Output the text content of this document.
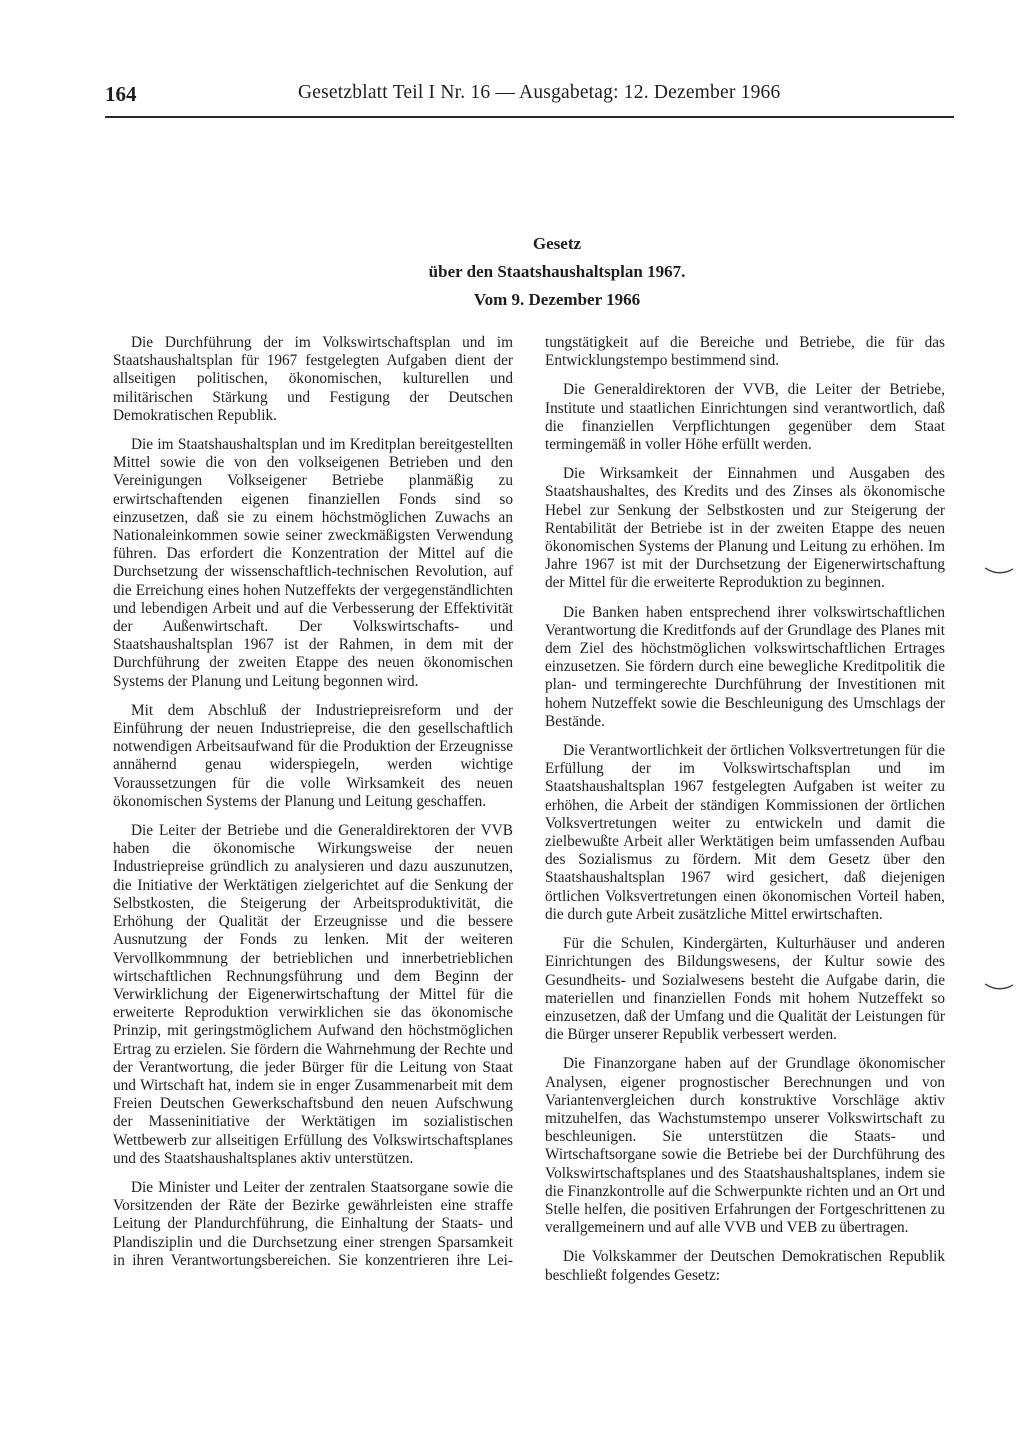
164	Gesetzblatt Teil I Nr. 16 — Ausgabetag: 12. Dezember 1966
Gesetz
über den Staatshaushaltsplan 1967.
Vom 9. Dezember 1966

Die Durchführung der im Volkswirtschaftsplan und im Staatshaushaltsplan für 1967 festgelegten Aufgaben dient der allseitigen politischen, ökonomischen, kulturellen und militärischen Stärkung und Festigung der Deutschen Demokratischen Republik.

Die im Staatshaushaltsplan und im Kreditplan bereitgestellten Mittel sowie die von den volkseigenen Betrieben und den Vereinigungen Volkseigener Betriebe planmäßig zu erwirtschaftenden eigenen finanziellen Fonds sind so einzusetzen, daß sie zu einem höchstmöglichen Zuwachs an Nationaleinkommen sowie seiner zweckmäßigsten Verwendung führen. Das erfordert die Konzentration der Mittel auf die Durchsetzung der wissenschaftlich-technischen Revolution, auf die Erreichung eines hohen Nutzeffekts der vergegenständlichten und lebendigen Arbeit und auf die Verbesserung der Effektivität der Außenwirtschaft. Der Volkswirtschafts- und Staatshaushaltsplan 1967 ist der Rahmen, in dem mit der Durchführung der zweiten Etappe des neuen ökonomischen Systems der Planung und Leitung begonnen wird.

Mit dem Abschluß der Industriepreisreform und der Einführung der neuen Industriepreise, die den gesellschaftlich notwendigen Arbeitsaufwand für die Produktion der Erzeugnisse annähernd genau widerspiegeln, werden wichtige Voraussetzungen für die volle Wirksamkeit des neuen ökonomischen Systems der Planung und Leitung geschaffen.

Die Leiter der Betriebe und die Generaldirektoren der VVB haben die ökonomische Wirkungsweise der neuen Industriepreise gründlich zu analysieren und dazu auszunutzen, die Initiative der Werktätigen zielgerichtet auf die Senkung der Selbstkosten, die Steigerung der Arbeitsproduktivität, die Erhöhung der Qualität der Erzeugnisse und die bessere Ausnutzung der Fonds zu lenken. Mit der weiteren Vervollkommnung der betrieblichen und innerbetrieblichen wirtschaftlichen Rechnungsführung und dem Beginn der Verwirklichung der Eigenerwirtschaftung der Mittel für die erweiterte Reproduktion verwirklichen sie das ökonomische Prinzip, mit geringstmöglichem Aufwand den höchstmöglichen Ertrag zu erzielen. Sie fördern die Wahrnehmung der Rechte und der Verantwortung, die jeder Bürger für die Leitung von Staat und Wirtschaft hat, indem sie in enger Zusammenarbeit mit dem Freien Deutschen Gewerkschaftsbund den neuen Aufschwung der Masseninitiative der Werktätigen im sozialistischen Wettbewerb zur allseitigen Erfüllung des Volkswirtschaftsplanes und des Staatshaushaltsplanes aktiv unterstützen.

Die Minister und Leiter der zentralen Staatsorgane sowie die Vorsitzenden der Räte der Bezirke gewährleisten eine straffe Leitung der Plandurchführung, die Einhaltung der Staats- und Plandisziplin und die Durchsetzung einer strengen Sparsamkeit in ihren Verantwortungsbereichen. Sie konzentrieren ihre Lei-

tungstätigkeit auf die Bereiche und Betriebe, die für das Entwicklungstempo bestimmend sind.

Die Generaldirektoren der VVB, die Leiter der Betriebe, Institute und staatlichen Einrichtungen sind verantwortlich, daß die finanziellen Verpflichtungen gegenüber dem Staat termingemäß in voller Höhe erfüllt werden.

Die Wirksamkeit der Einnahmen und Ausgaben des Staatshaushaltes, des Kredits und des Zinses als ökonomische Hebel zur Senkung der Selbstkosten und zur Steigerung der Rentabilität der Betriebe ist in der zweiten Etappe des neuen ökonomischen Systems der Planung und Leitung zu erhöhen. Im Jahre 1967 ist mit der Durchsetzung der Eigenerwirtschaftung der Mittel für die erweiterte Reproduktion zu beginnen.

Die Banken haben entsprechend ihrer volkswirtschaftlichen Verantwortung die Kreditfonds auf der Grundlage des Planes mit dem Ziel des höchstmöglichen volkswirtschaftlichen Ertrages einzusetzen. Sie fördern durch eine bewegliche Kreditpolitik die plan- und termingerechte Durchführung der Investitionen mit hohem Nutzeffekt sowie die Beschleunigung des Umschlags der Bestände.

Die Verantwortlichkeit der örtlichen Volksvertretungen für die Erfüllung der im Volkswirtschaftsplan und im Staatshaushaltsplan 1967 festgelegten Aufgaben ist weiter zu erhöhen, die Arbeit der ständigen Kommissionen der örtlichen Volksvertretungen weiter zu entwickeln und damit die zielbewußte Arbeit aller Werktätigen beim umfassenden Aufbau des Sozialismus zu fördern. Mit dem Gesetz über den Staatshaushaltsplan 1967 wird gesichert, daß diejenigen örtlichen Volksvertretungen einen ökonomischen Vorteil haben, die durch gute Arbeit zusätzliche Mittel erwirtschaften.

Für die Schulen, Kindergärten, Kulturhäuser und anderen Einrichtungen des Bildungswesens, der Kultur sowie des Gesundheits- und Sozialwesens besteht die Aufgabe darin, die materiellen und finanziellen Fonds mit hohem Nutzeffekt so einzusetzen, daß der Umfang und die Qualität der Leistungen für die Bürger unserer Republik verbessert werden.

Die Finanzorgane haben auf der Grundlage ökonomischer Analysen, eigener prognostischer Berechnungen und von Variantenvergleichen durch konstruktive Vorschläge aktiv mitzuhelfen, das Wachstumstempo unserer Volkswirtschaft zu beschleunigen. Sie unterstützen die Staats- und Wirtschaftsorgane sowie die Betriebe bei der Durchführung des Volkswirtschaftsplanes und des Staatshaushaltsplanes, indem sie die Finanzkontrolle auf die Schwerpunkte richten und an Ort und Stelle helfen, die positiven Erfahrungen der Fortgeschrittenen zu verallgemeinern und auf alle VVB und VEB zu übertragen.

Die Volkskammer der Deutschen Demokratischen Republik beschließt folgendes Gesetz:
